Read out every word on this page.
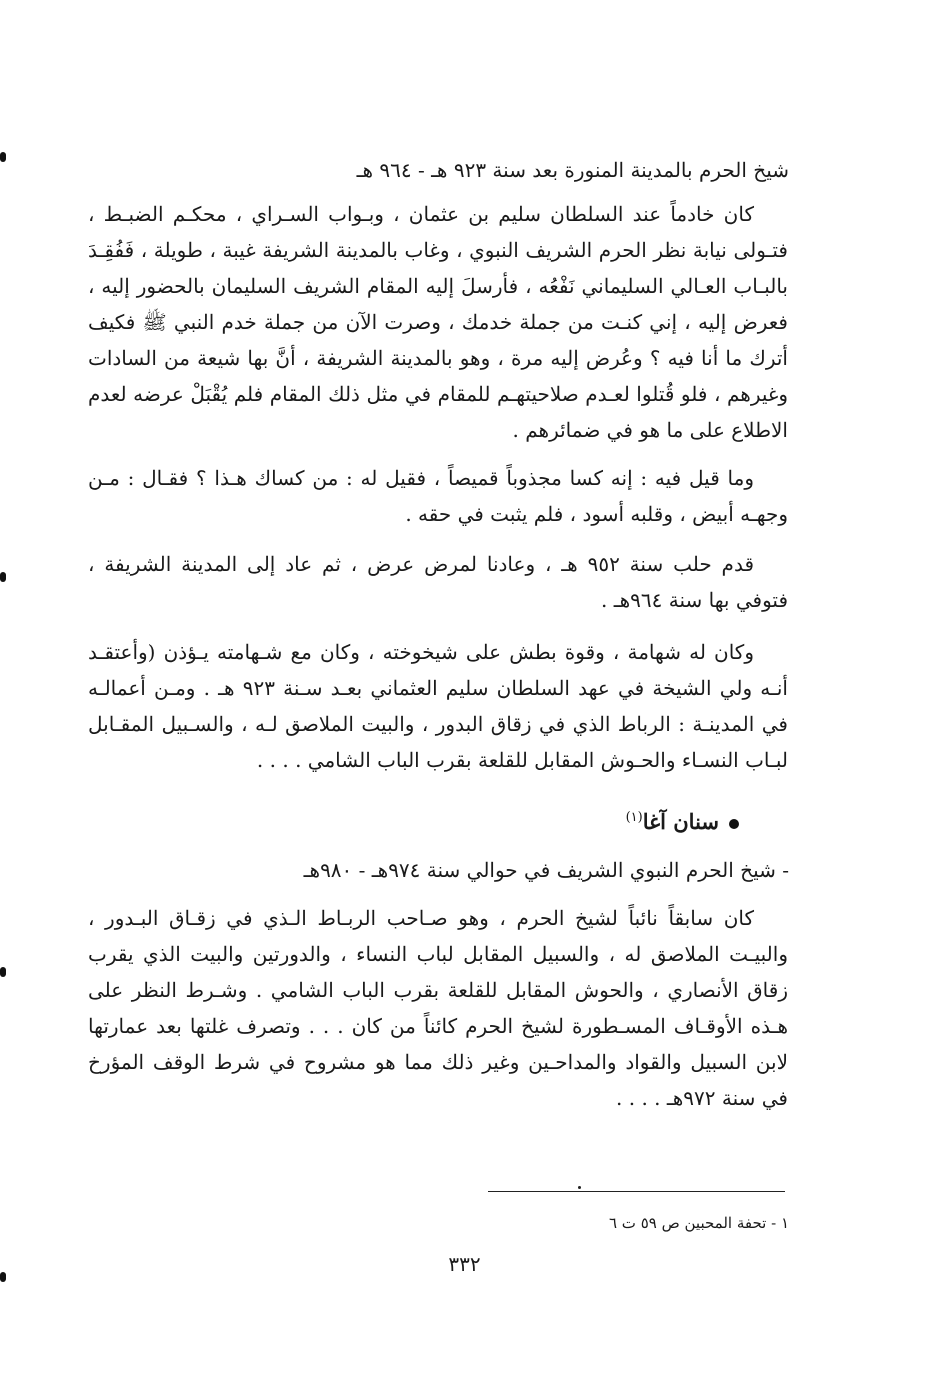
شيخ الحرم بالمدينة المنورة بعد سنة ٩٢٣ هـ - ٩٦٤ هـ

كان خادماً عند السلطان سليم بن عثمان ، وبـواب السـراي ، محكـم الضبـط ، فتـولى نيابة نظر الحرم الشريف النبوي ، وغاب بالمدينة الشريفة غيبة ، طويلة ، فَفُقِـدَ بالبـاب العـالي السليماني نَفْعُه ، فأرسلَ إليه المقام الشريف السليمان بالحضور إليه ، فعرض إليه ، إني كنـت من جملة خدمك ، وصرت الآن من جملة خدم النبي ﷺ فكيف أترك ما أنا فيه ؟ وعُرض إليه مرة ، وهو بالمدينة الشريفة ، أنَّ بها شيعة من السادات وغيرهم ، فلو قُتلوا لعـدم صلاحيتهـم للمقام في مثل ذلك المقام فلم يُقْبَلْ عرضه لعدم الاطلاع على ما هو في ضمائرهم .

وما قيل فيه : إنه كسا مجذوباً قميصاً ، فقيل له : من كساك هـذا ؟ فقـال : مـن وجهـه أبيض ، وقلبه أسود ، فلم يثبت في حقه .

قدم حلب سنة ٩٥٢ هـ ، وعادنا لمرض عرض ، ثم عاد إلى المدينة الشريفة ، فتوفي بها سنة ٩٦٤هـ .

وكان له شهامة ، وقوة بطش على شيخوخته ، وكان مع شـهامته يـؤذن (وأعتقـد أنـه ولي الشيخة في عهد السلطان سليم العثماني بعـد سـنة ٩٢٣ هـ . ومـن أعمالـه في المدينـة : الرباط الذي في زقاق البدور ، والبيت الملاصق لـه ، والسـبيل المقـابل لبـاب النسـاء والحـوش المقابل للقلعة بقرب الباب الشامي . . . .

سنان آغا$^{(١)}$
- شيخ الحرم النبوي الشريف في حوالي سنة ٩٧٤هـ - ٩٨٠هـ

كان سابقاً نائباً لشيخ الحرم ، وهو صـاحب الربـاط الـذي في زقـاق البـدور ، والبيـت الملاصق له ، والسبيل المقابل لباب النساء ، والدورتين والبيت الذي يقرب زقاق الأنصاري ، والحوش المقابل للقلعة بقرب الباب الشامي . وشـرط النظر على هـذه الأوقـاف المسـطورة لشيخ الحرم كائناً من كان . . . وتصرف غلتها بعد عمارتها لابن السبيل والقواد والمداحـين وغير ذلك مما هو مشروح في شرط الوقف المؤرخ في سنة ٩٧٢هـ . . . .

١ - تحفة المحبين ص ٥٩ ت ٦
٣٣٢
